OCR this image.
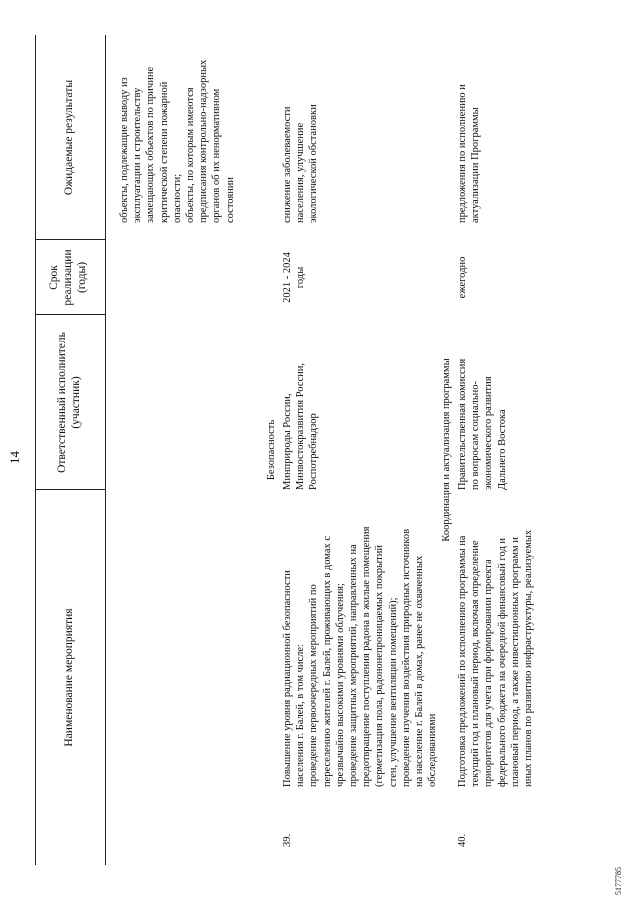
14
Наименование мероприятия
Ответственный исполнитель (участник)
Срок реализации (годы)
Ожидаемые результаты	объекты, подлежащие выводу из эксплуатации и строительству замещающих объектов по причине критической степени пожарной опасности; объекты, по которым имеются предписания контрольно-надзорных органов об их ненормативном состоянии
Безопасность
39.
Повышение уровня радиационной безопасности населения г. Балей, в том числе: проведение первоочередных мероприятий по переселению жителей г. Балей, проживающих в домах с чрезвычайно высокими уровнями облучения; проведение защитных мероприятий, направленных на предотвращение поступления радона в жилые помещения (герметизация пола, радононепроницаемых покрытий стен, улучшение вентиляции помещений); проведение изучения воздействия природных источников на население г. Балей в домах, ранее не охваченных обследованиями
Минприроды России, Минвостокразвития России, Роспотребнадзор
2021 - 2024 годы
снижение заболеваемости населения, улучшение экологической обстановки
Координация и актуализация программы
40.
Подготовка предложений по исполнению программы на текущий год и плановый период, включая определение приоритетов для учета при формировании проекта федерального бюджета на очередной финансовый год и плановый период, а также инвестиционных программ и иных планов по развитию инфраструктуры, реализуемых
Правительственная комиссия по вопросам социально- экономического развития Дальнего Востока
ежегодно
предложения по исполнению и актуализации Программы
5177785
